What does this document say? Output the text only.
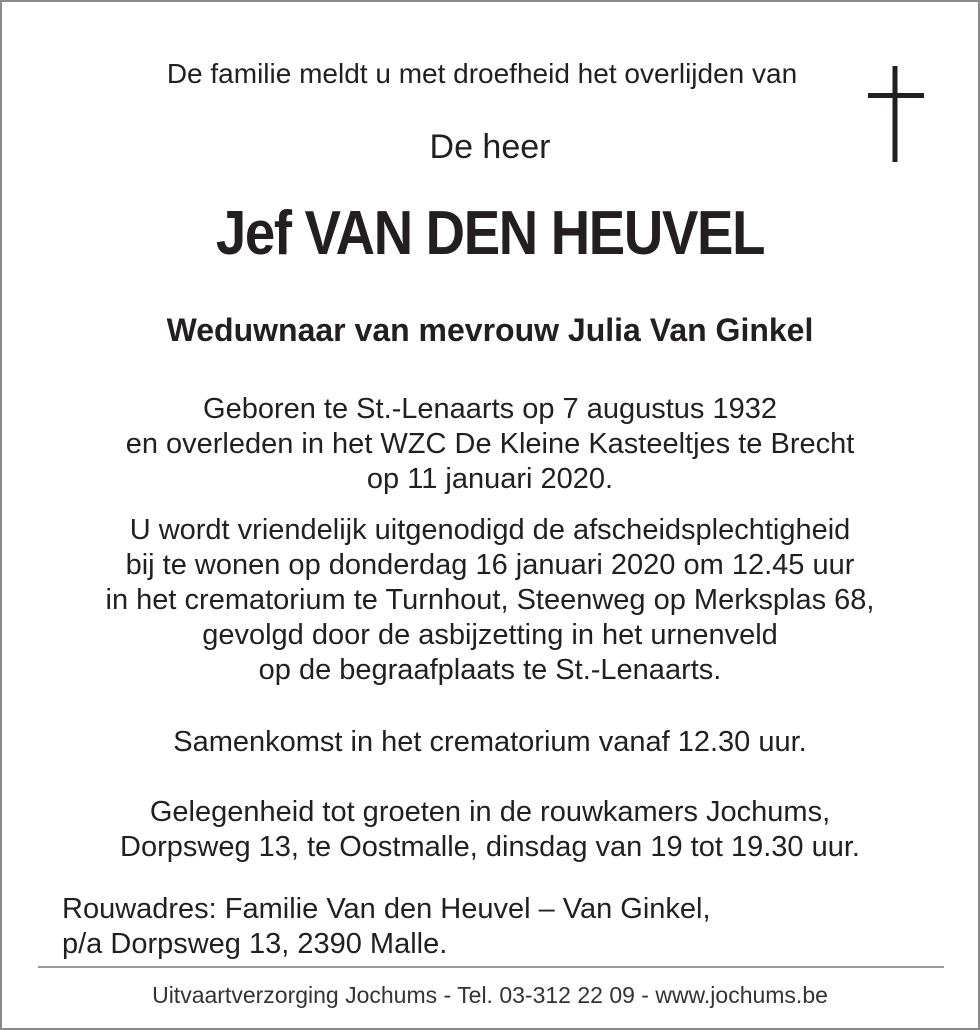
De familie meldt u met droefheid het overlijden van
De heer
Jef VAN DEN HEUVEL
Weduwnaar van mevrouw Julia Van Ginkel
Geboren te St.-Lenaarts op 7 augustus 1932
en overleden in het WZC De Kleine Kasteeltjes te Brecht
op 11 januari 2020.
U wordt vriendelijk uitgenodigd de afscheidsplechtigheid
bij te wonen op donderdag 16 januari 2020 om 12.45 uur
in het crematorium te Turnhout, Steenweg op Merksplas 68,
gevolgd door de asbijzetting in het urnenveld
op de begraafplaats te St.-Lenaarts.
Samenkomst in het crematorium vanaf 12.30 uur.
Gelegenheid tot groeten in de rouwkamers Jochums,
Dorpsweg 13, te Oostmalle, dinsdag van 19 tot 19.30 uur.
Rouwadres: Familie Van den Heuvel – Van Ginkel,
p/a Dorpsweg 13, 2390 Malle.
Uitvaartverzorging Jochums - Tel. 03-312 22 09 - www.jochums.be
